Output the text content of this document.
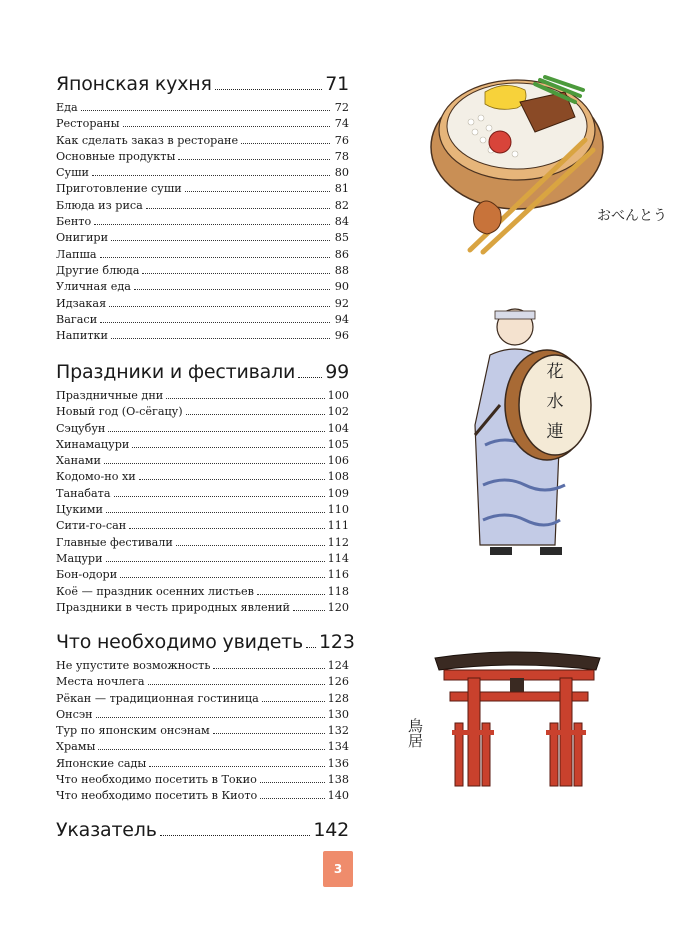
Японская кухня	71
Еда	72
Рестораны	74
Как сделать заказ в ресторане	76
Основные продукты	78
Суши	80
Приготовление суши	81
Блюда из риса	82
Бенто	84
Онигири	85
Лапша	86
Другие блюда	88
Уличная еда	90
Идзакая	92
Вагаси	94
Напитки	96
Праздники и фестивали 99
Праздничные дни	100
Новый год (О-сёгацу)	102
Сэцубун	104
Хинамацури	105
Ханами	106
Кодомо-но хи	108
Танабата	109
Цукими	110
Сити-го-сан	111
Главные фестивали	112
Мацури	114
Бон-одори	116
Коё — праздник осенних листьев	118
Праздники в честь природных явлений	120
Что необходимо увидеть 123
Не упустите возможность	124
Места ночлега	126
Рёкан — традиционная гостиница	128
Онсэн	130
Тур по японским онсэнам	132
Храмы	134
Японские сады	136
Что необходимо посетить в Токио	138
Что необходимо посетить в Киото	140
Указатель	142
3
おべんとう
花
水
連
鳥居
